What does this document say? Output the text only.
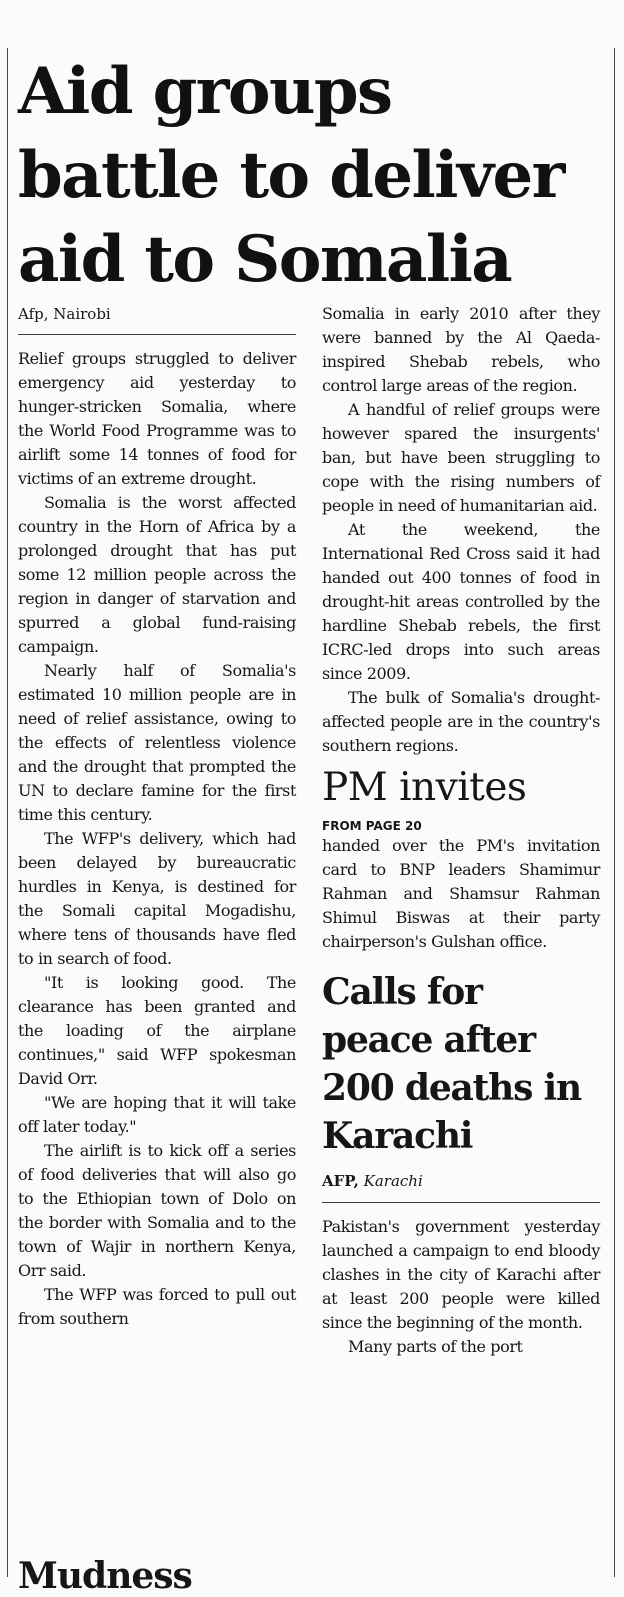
Aid groups battle to deliver aid to Somalia
Afp, Nairobi

Relief groups struggled to deliver emergency aid yesterday to hunger-stricken Somalia, where the World Food Programme was to airlift some 14 tonnes of food for victims of an extreme drought.

Somalia is the worst affected country in the Horn of Africa by a prolonged drought that has put some 12 million people across the region in danger of starvation and spurred a global fund-raising campaign.

Nearly half of Somalia's estimated 10 million people are in need of relief assistance, owing to the effects of relentless violence and the drought that prompted the UN to declare famine for the first time this century.

The WFP's delivery, which had been delayed by bureaucratic hurdles in Kenya, is destined for the Somali capital Mogadishu, where tens of thousands have fled to in search of food.

"It is looking good. The clearance has been granted and the loading of the airplane continues," said WFP spokesman David Orr.

"We are hoping that it will take off later today."

The airlift is to kick off a series of food deliveries that will also go to the Ethiopian town of Dolo on the border with Somalia and to the town of Wajir in northern Kenya, Orr said.

The WFP was forced to pull out from southern

Somalia in early 2010 after they were banned by the Al Qaeda-inspired Shebab rebels, who control large areas of the region.

A handful of relief groups were however spared the insurgents' ban, but have been struggling to cope with the rising numbers of people in need of humanitarian aid.

At the weekend, the International Red Cross said it had handed out 400 tonnes of food in drought-hit areas controlled by the hardline Shebab rebels, the first ICRC-led drops into such areas since 2009.

The bulk of Somalia's drought-affected people are in the country's southern regions.

PM invites
FROM PAGE 20

handed over the PM's invitation card to BNP leaders Shamimur Rahman and Shamsur Rahman Shimul Biswas at their party chairperson's Gulshan office.

Calls for peace after 200 deaths in Karachi
AFP, Karachi

Pakistan's government yesterday launched a campaign to end bloody clashes in the city of Karachi after at least 200 people were killed since the beginning of the month.

Many parts of the port

Mudness
